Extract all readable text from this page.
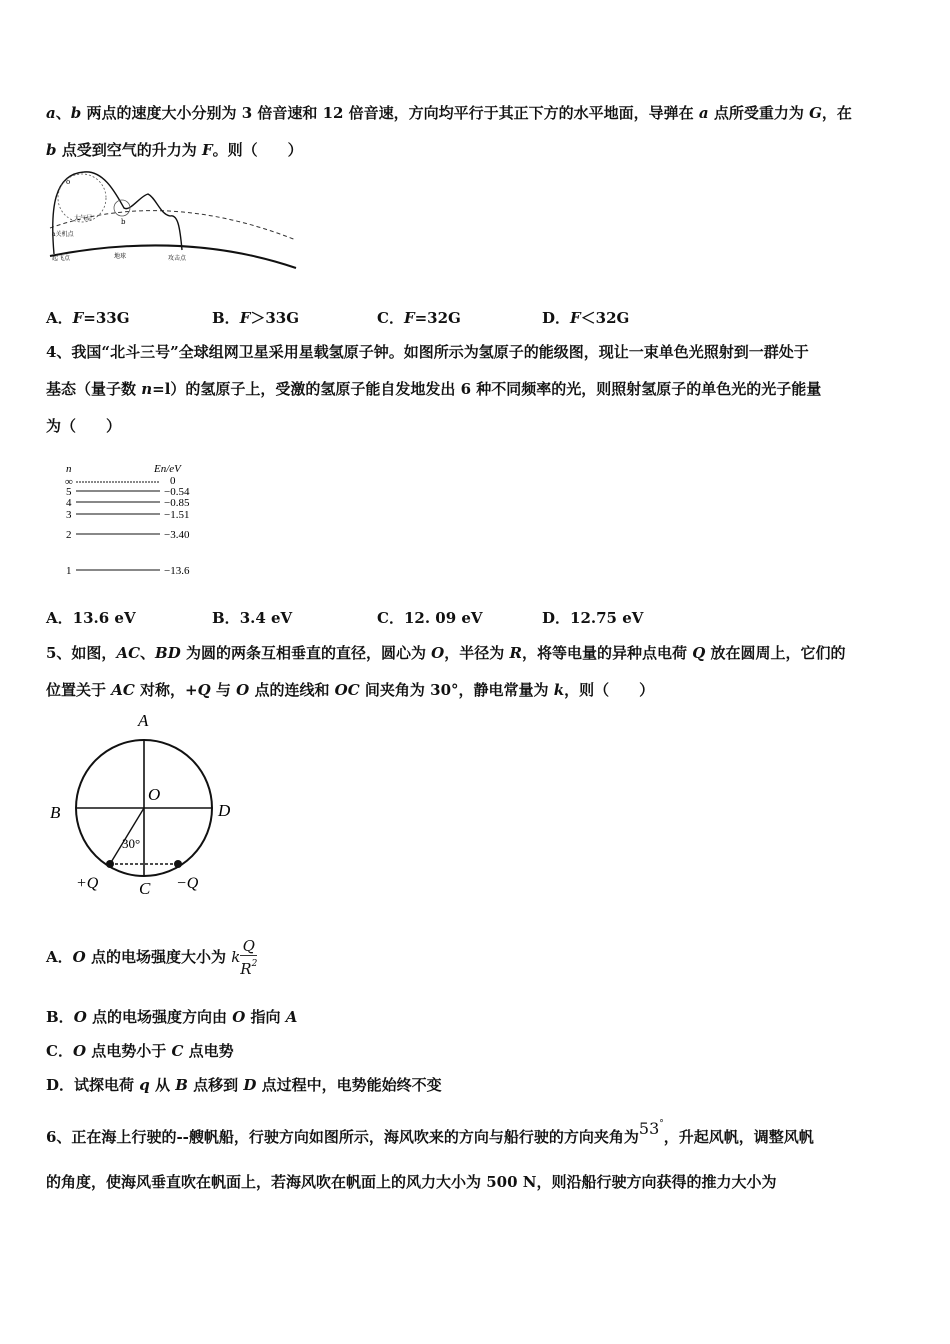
a、b 两点的速度大小分别为 3 倍音速和 12 倍音速，方向均平行于其正下方的水平地面，导弹在 a 点所受重力为 G，在
b 点受到空气的升力为 F。则（　　）
o
b
大气层
a关机点
起飞点	地球	攻击点
A．F=33G	B．F＞33G	C．F=32G	D．F＜32G
4、我国“北斗三号”全球组网卫星采用星载氢原子钟。如图所示为氢原子的能级图，现让一束单色光照射到一群处于
基态（量子数 n=l）的氢原子上，受激的氢原子能自发地发出 6 种不同频率的光，则照射氢原子的单色光的光子能量
为（　　）
n	En/eV
∞	0
5	−0.54
4	−0.85
3	−1.51
2	−3.40
1	−13.6
A．13.6 eV	B．3.4 eV	C．12. 09 eV	D．12.75 eV
5、如图，AC、BD 为圆的两条互相垂直的直径，圆心为 O，半径为 R，将等电量的异种点电荷 Q 放在圆周上，它们的
位置关于 AC 对称，+Q 与 O 点的连线和 OC 间夹角为 30°，静电常量为 k，则（　　）
A
B	D
O
C
30°
+Q	−Q
A．O 点的电场强度大小为 k $\frac{Q}{R^2}$
B．O 点的电场强度方向由 O 指向 A
C．O 点电势小于 C 点电势
D．试探电荷 q 从 B 点移到 D 点过程中，电势能始终不变
6、正在海上行驶的--艘帆船，行驶方向如图所示，海风吹来的方向与船行驶的方向夹角为53°，升起风帆，调整风帆
的角度，使海风垂直吹在帆面上，若海风吹在帆面上的风力大小为 500 N，则沿船行驶方向获得的推力大小为
